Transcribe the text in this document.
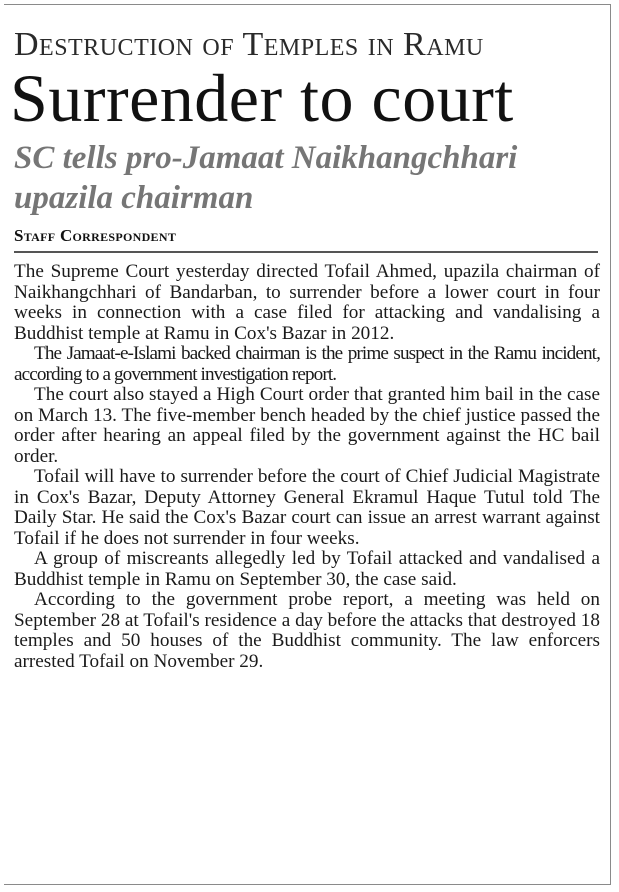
Destruction of Temples in Ramu
Surrender to court
SC tells pro-Jamaat Naikhangchhari upazila chairman
Staff Correspondent

The Supreme Court yesterday directed Tofail Ahmed, upazila chairman of Naikhangchhari of Bandarban, to surrender before a lower court in four weeks in connection with a case filed for attacking and vandalising a Buddhist temple at Ramu in Cox's Bazar in 2012.

The Jamaat-e-Islami backed chairman is the prime suspect in the Ramu incident, according to a government investigation report.

The court also stayed a High Court order that granted him bail in the case on March 13. The five-member bench headed by the chief justice passed the order after hearing an appeal filed by the government against the HC bail order.

Tofail will have to surrender before the court of Chief Judicial Magistrate in Cox's Bazar, Deputy Attorney General Ekramul Haque Tutul told The Daily Star. He said the Cox's Bazar court can issue an arrest warrant against Tofail if he does not surrender in four weeks.

A group of miscreants allegedly led by Tofail attacked and vandalised a Buddhist temple in Ramu on September 30, the case said.

According to the government probe report, a meeting was held on September 28 at Tofail's residence a day before the attacks that destroyed 18 temples and 50 houses of the Buddhist community. The law enforcers arrested Tofail on November 29.
